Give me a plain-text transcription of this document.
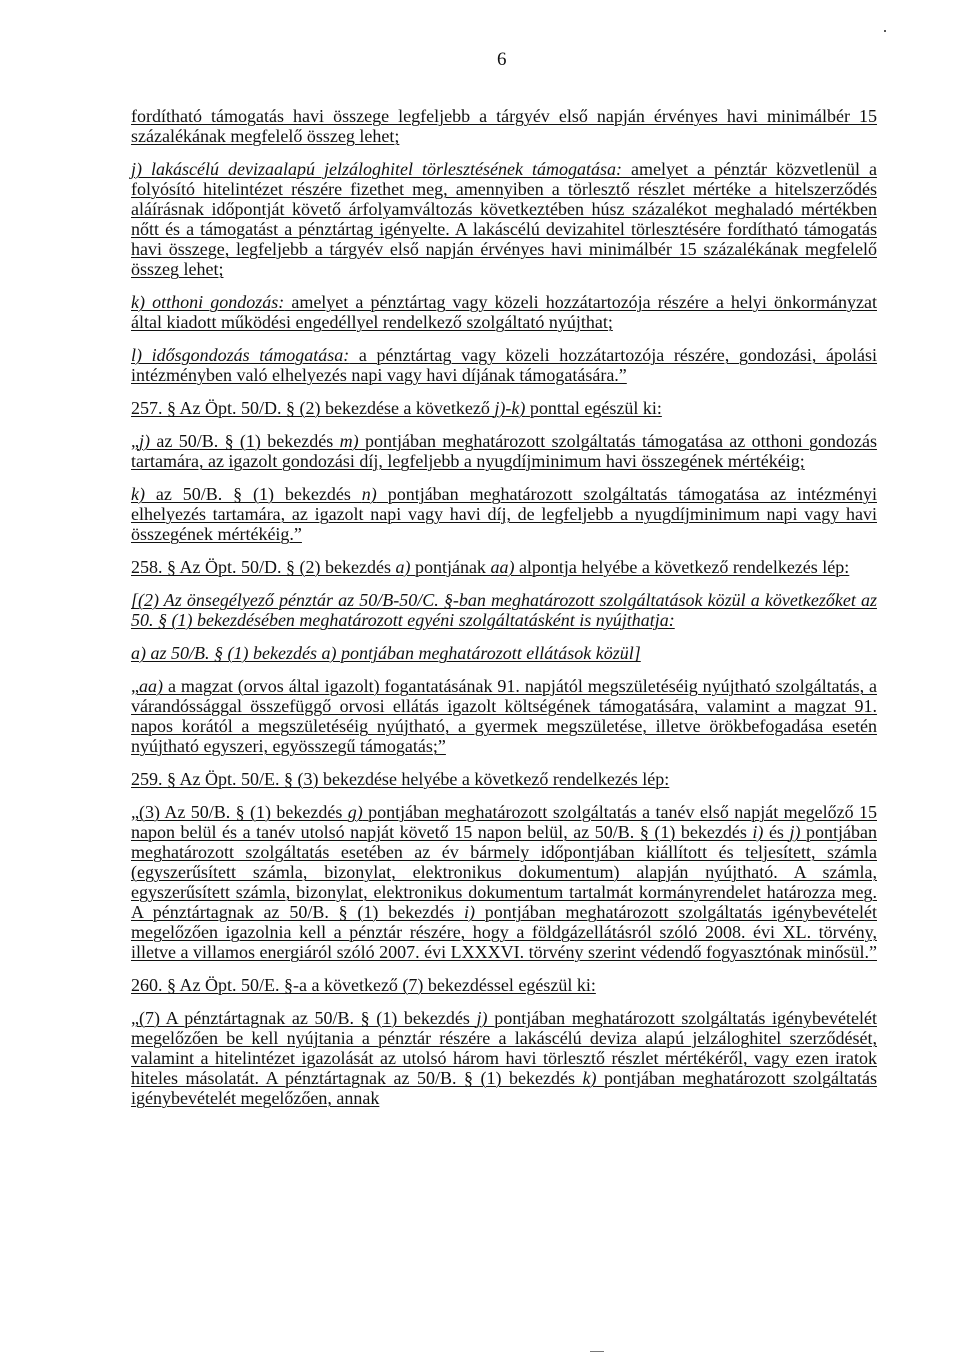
6

fordítható támogatás havi összege legfeljebb a tárgyév első napján érvényes havi minimálbér 15 százalékának megfelelő összeg lehet;

j) lakáscélú devizaalapú jelzáloghitel törlesztésének támogatása: amelyet a pénztár közvetlenül a folyósító hitelintézet részére fizethet meg, amennyiben a törlesztő részlet mértéke a hitelszerződés aláírásnak időpontját követő árfolyamváltozás következtében húsz százalékot meghaladó mértékben nőtt és a támogatást a pénztártag igényelte. A lakáscélú devizahitel törlesztésére fordítható támogatás havi összege, legfeljebb a tárgyév első napján érvényes havi minimálbér 15 százalékának megfelelő összeg lehet;

k) otthoni gondozás: amelyet a pénztártag vagy közeli hozzátartozója részére a helyi önkormányzat által kiadott működési engedéllyel rendelkező szolgáltató nyújthat;

l) idősgondozás támogatása: a pénztártag vagy közeli hozzátartozója részére, gondozási, ápolási intézményben való elhelyezés napi vagy havi díjának támogatására.”

257. § Az Öpt. 50/D. § (2) bekezdése a következő j)-k) ponttal egészül ki:

„j) az 50/B. § (1) bekezdés m) pontjában meghatározott szolgáltatás támogatása az otthoni gondozás tartamára, az igazolt gondozási díj, legfeljebb a nyugdíjminimum havi összegének mértékéig;

k) az 50/B. § (1) bekezdés n) pontjában meghatározott szolgáltatás támogatása az intézményi elhelyezés tartamára, az igazolt napi vagy havi díj, de legfeljebb a nyugdíjminimum napi vagy havi összegének mértékéig.”

258. § Az Öpt. 50/D. § (2) bekezdés a) pontjának aa) alpontja helyébe a következő rendelkezés lép:

[(2) Az önsegélyező pénztár az 50/B-50/C. §-ban meghatározott szolgáltatások közül a következőket az 50. § (1) bekezdésében meghatározott egyéni szolgáltatásként is nyújthatja:

a) az 50/B. § (1) bekezdés a) pontjában meghatározott ellátások közül]

„aa) a magzat (orvos által igazolt) fogantatásának 91. napjától megszületéséig nyújtható szolgáltatás, a várandóssággal összefüggő orvosi ellátás igazolt költségének támogatására, valamint a magzat 91. napos korától a megszületéséig nyújtható, a gyermek megszületése, illetve örökbefogadása esetén nyújtható egyszeri, egyösszegű támogatás;”

259. § Az Öpt. 50/E. § (3) bekezdése helyébe a következő rendelkezés lép:

„(3) Az 50/B. § (1) bekezdés g) pontjában meghatározott szolgáltatás a tanév első napját megelőző 15 napon belül és a tanév utolsó napját követő 15 napon belül, az 50/B. § (1) bekezdés i) és j) pontjában meghatározott szolgáltatás esetében az év bármely időpontjában kiállított és teljesített, számla (egyszerűsített számla, bizonylat, elektronikus dokumentum) alapján nyújtható. A számla, egyszerűsített számla, bizonylat, elektronikus dokumentum tartalmát kormányrendelet határozza meg. A pénztártagnak az 50/B. § (1) bekezdés i) pontjában meghatározott szolgáltatás igénybevételét megelőzően igazolnia kell a pénztár részére, hogy a földgázellátásról szóló 2008. évi XL. törvény, illetve a villamos energiáról szóló 2007. évi LXXXVI. törvény szerint védendő fogyasztónak minősül.”

260. § Az Öpt. 50/E. §-a a következő (7) bekezdéssel egészül ki:

„(7) A pénztártagnak az 50/B. § (1) bekezdés j) pontjában meghatározott szolgáltatás igénybevételét megelőzően be kell nyújtania a pénztár részére a lakáscélú deviza alapú jelzáloghitel szerződését, valamint a hitelintézet igazolását az utolsó három havi törlesztő részlet mértékéről, vagy ezen iratok hiteles másolatát. A pénztártagnak az 50/B. § (1) bekezdés k) pontjában meghatározott szolgáltatás igénybevételét megelőzően, annak
